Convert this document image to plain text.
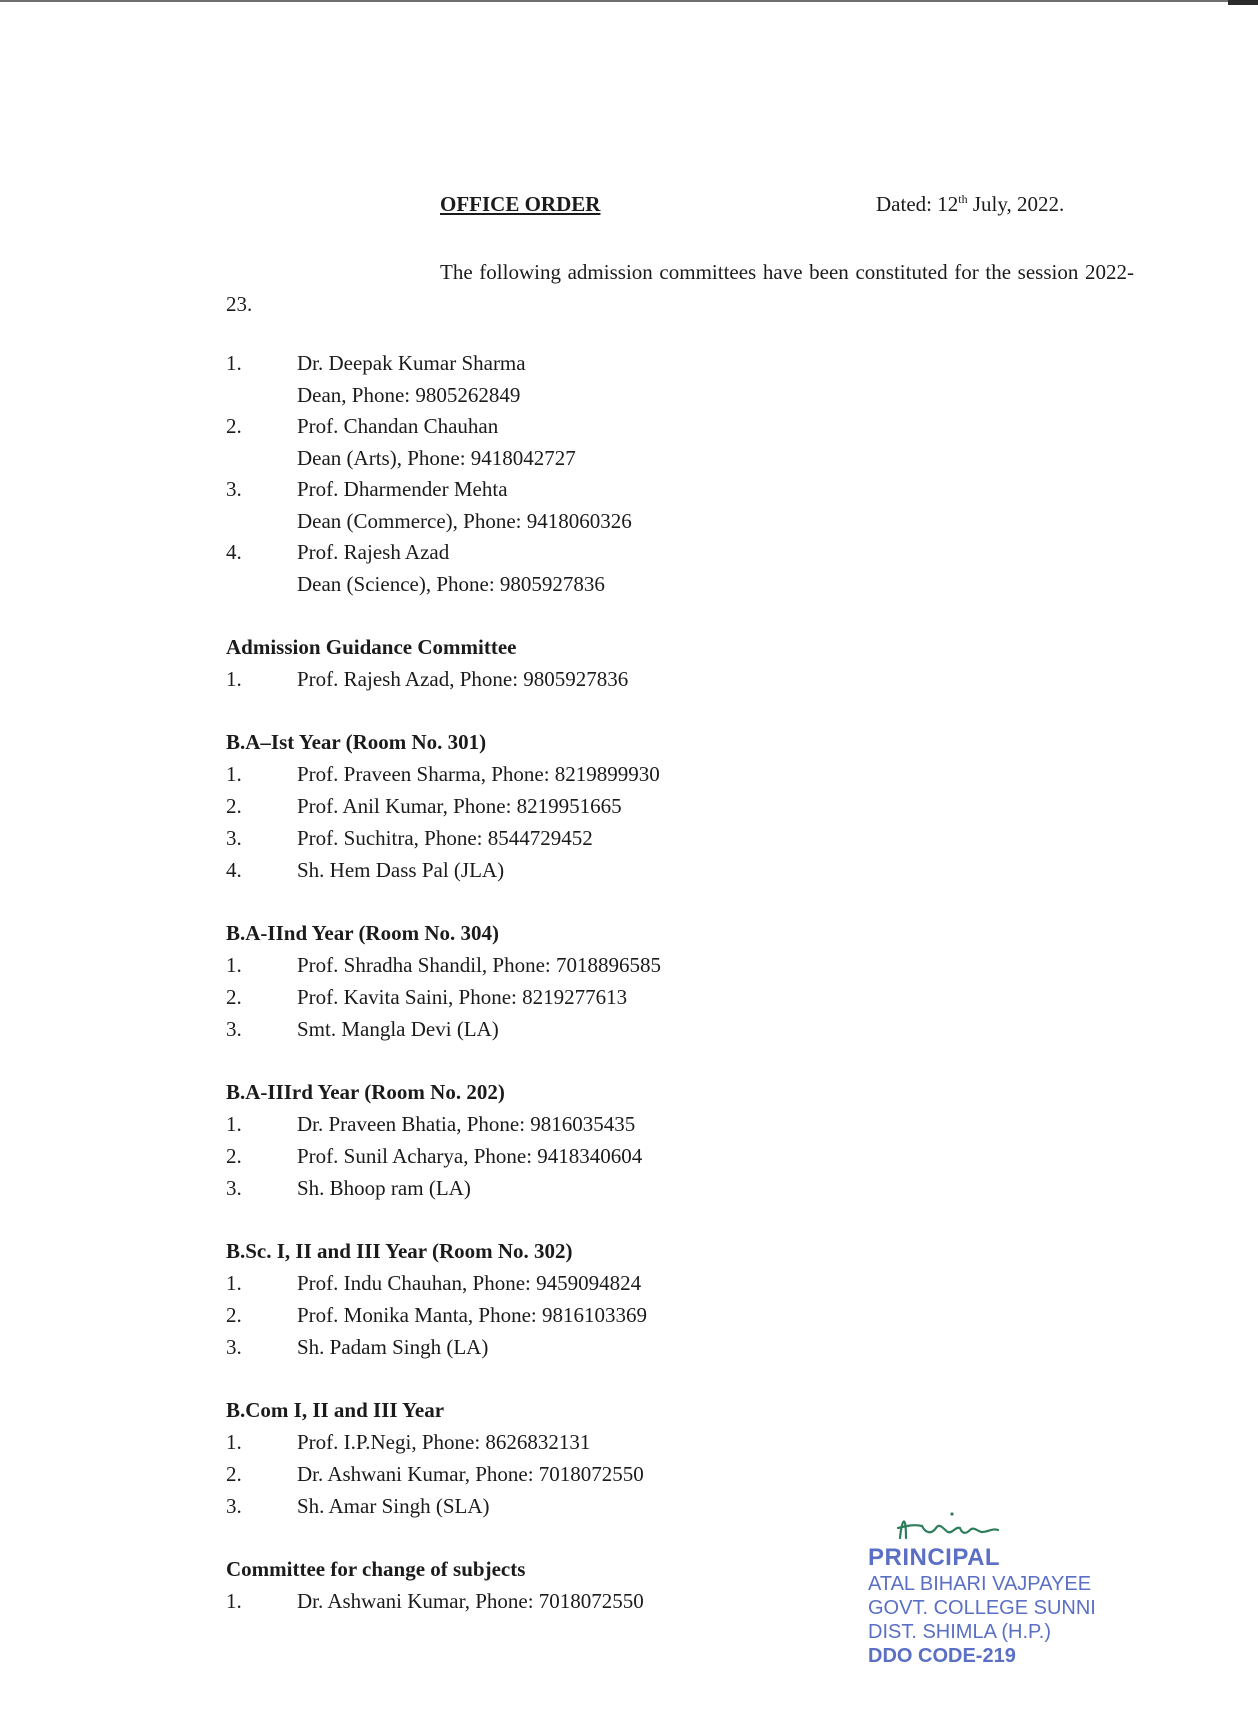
OFFICE ORDER	Dated: 12th July, 2022.
The following admission committees have been constituted for the session 2022-23.
1.	Dr. Deepak Kumar Sharma
Dean, Phone: 9805262849
2.	Prof. Chandan Chauhan
Dean (Arts), Phone: 9418042727
3.	Prof. Dharmender Mehta
Dean (Commerce), Phone: 9418060326
4.	Prof. Rajesh Azad
Dean (Science), Phone: 9805927836
Admission Guidance Committee
1.	Prof. Rajesh Azad, Phone: 9805927836
B.A–Ist Year (Room No. 301)
1.	Prof. Praveen Sharma, Phone: 8219899930
2.	Prof. Anil Kumar, Phone: 8219951665
3.	Prof. Suchitra, Phone: 8544729452
4.	Sh. Hem Dass Pal (JLA)
B.A-IInd Year (Room No. 304)
1.	Prof. Shradha Shandil, Phone: 7018896585
2.	Prof. Kavita Saini, Phone: 8219277613
3.	Smt. Mangla Devi (LA)
B.A-IIIrd Year (Room No. 202)
1.	Dr. Praveen Bhatia, Phone: 9816035435
2.	Prof. Sunil Acharya, Phone: 9418340604
3.	Sh. Bhoop ram (LA)
B.Sc. I, II and III Year (Room No. 302)
1.	Prof. Indu Chauhan, Phone: 9459094824
2.	Prof. Monika Manta, Phone: 9816103369
3.	Sh. Padam Singh (LA)
B.Com I, II and III Year
1.	Prof. I.P.Negi, Phone: 8626832131
2.	Dr. Ashwani Kumar, Phone: 7018072550
3.	Sh. Amar Singh (SLA)
Committee for change of subjects
1.	Dr. Ashwani Kumar, Phone: 7018072550
PRINCIPAL
ATAL BIHARI VAJPAYEE
GOVT. COLLEGE SUNNI
DIST. SHIMLA (H.P.)
DDO CODE-219
